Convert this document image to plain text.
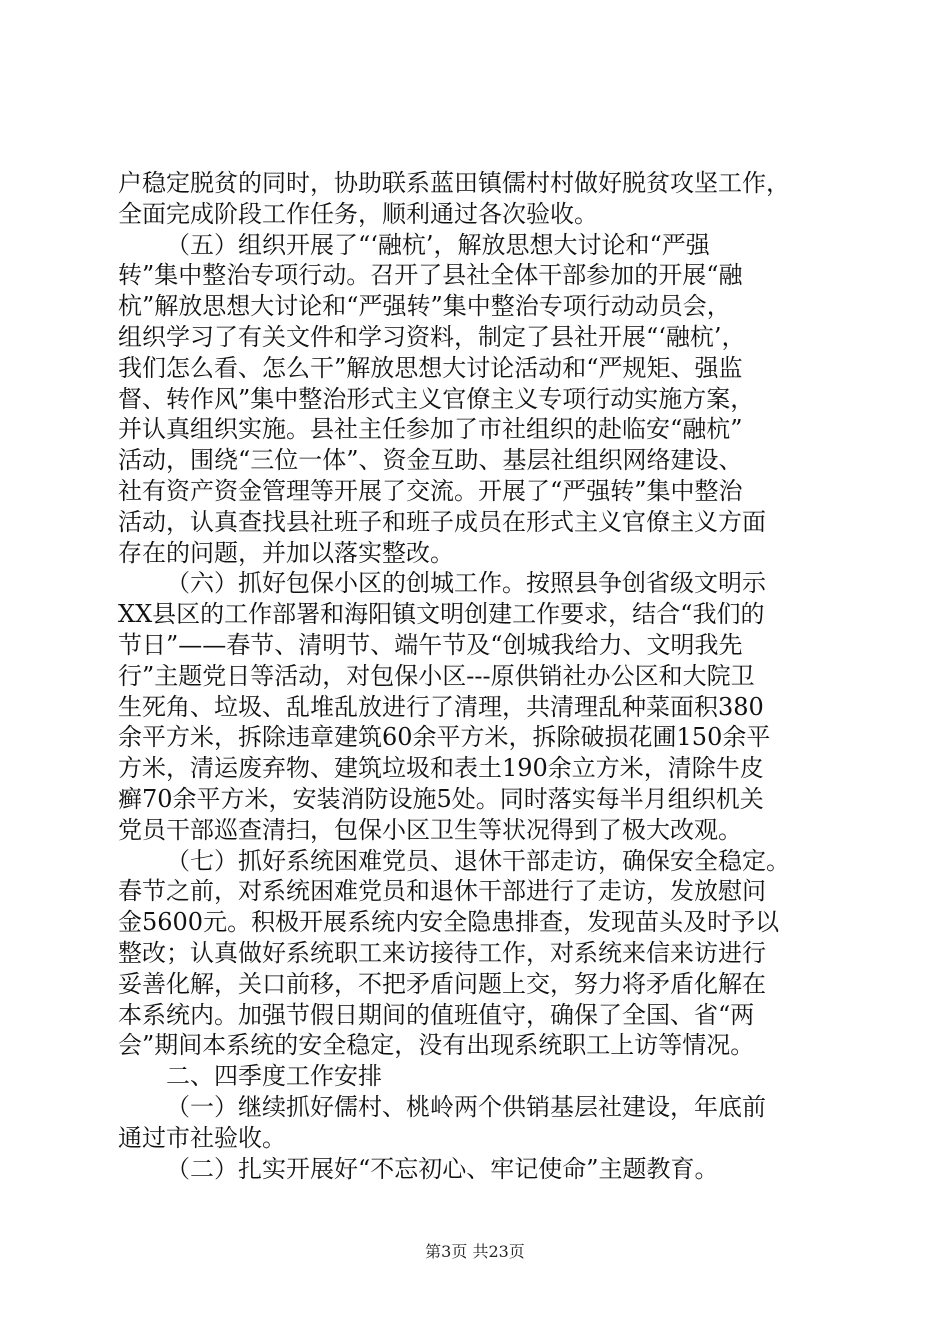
户稳定脱贫的同时，协助联系蓝田镇儒村村做好脱贫攻坚工作，
全面完成阶段工作任务，顺利通过各次验收。
（五）组织开展了“‘融杭’，解放思想大讨论和“严强
转”集中整治专项行动。召开了县社全体干部参加的开展“融
杭”解放思想大讨论和“严强转”集中整治专项行动动员会，
组织学习了有关文件和学习资料，制定了县社开展“‘融杭’，
我们怎么看、怎么干”解放思想大讨论活动和“严规矩、强监
督、转作风”集中整治形式主义官僚主义专项行动实施方案，
并认真组织实施。县社主任参加了市社组织的赴临安“融杭”
活动，围绕“三位一体”、资金互助、基层社组织网络建设、
社有资产资金管理等开展了交流。开展了“严强转”集中整治
活动，认真查找县社班子和班子成员在形式主义官僚主义方面
存在的问题，并加以落实整改。
（六）抓好包保小区的创城工作。按照县争创省级文明示
XX县区的工作部署和海阳镇文明创建工作要求，结合“我们的
节日”——春节、清明节、端午节及“创城我给力、文明我先
行”主题党日等活动，对包保小区---原供销社办公区和大院卫
生死角、垃圾、乱堆乱放进行了清理，共清理乱种菜面积380
余平方米，拆除违章建筑60余平方米，拆除破损花圃150余平
方米，清运废弃物、建筑垃圾和表土190余立方米，清除牛皮
癣70余平方米，安装消防设施5处。同时落实每半月组织机关
党员干部巡查清扫，包保小区卫生等状况得到了极大改观。
（七）抓好系统困难党员、退休干部走访，确保安全稳定。
春节之前，对系统困难党员和退休干部进行了走访，发放慰问
金5600元。积极开展系统内安全隐患排查，发现苗头及时予以
整改；认真做好系统职工来访接待工作，对系统来信来访进行
妥善化解，关口前移，不把矛盾问题上交，努力将矛盾化解在
本系统内。加强节假日期间的值班值守，确保了全国、省“两
会”期间本系统的安全稳定，没有出现系统职工上访等情况。
二、四季度工作安排
（一）继续抓好儒村、桃岭两个供销基层社建设，年底前
通过市社验收。
（二）扎实开展好“不忘初心、牢记使命”主题教育。
第3页 共23页
